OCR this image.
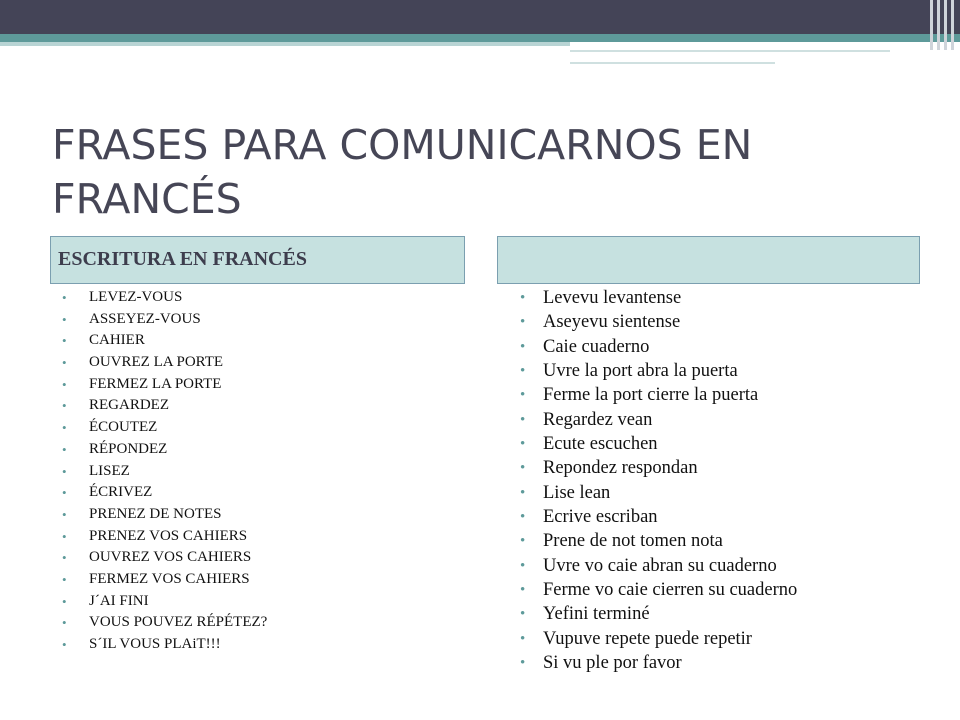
FRASES PARA COMUNICARNOS EN FRANCÉS
ESCRITURA EN FRANCÉS
• LEVEZ-VOUS
• ASSEYEZ-VOUS
• CAHIER
• OUVREZ LA PORTE
• FERMEZ LA PORTE
• REGARDEZ
• ÉCOUTEZ
• RÉPONDEZ
• LISEZ
• ÉCRIVEZ
• PRENEZ DE NOTES
• PRENEZ VOS CAHIERS
• OUVREZ VOS CAHIERS
• FERMEZ VOS CAHIERS
• J´AI FINI
• VOUS POUVEZ RÉPÉTEZ?
• S´IL VOUS PLAiT!!!
• Levevu levantense
• Aseyevu sientense
• Caie cuaderno
• Uvre la port abra la puerta
• Ferme la port cierre la puerta
• Regardez vean
• Ecute escuchen
• Repondez respondan
• Lise lean
• Ecrive escriban
• Prene de not tomen nota
• Uvre vo caie abran su cuaderno
• Ferme vo caie cierren su cuaderno
• Yefini terminé
• Vupuve repete puede repetir
• Si vu ple por favor
